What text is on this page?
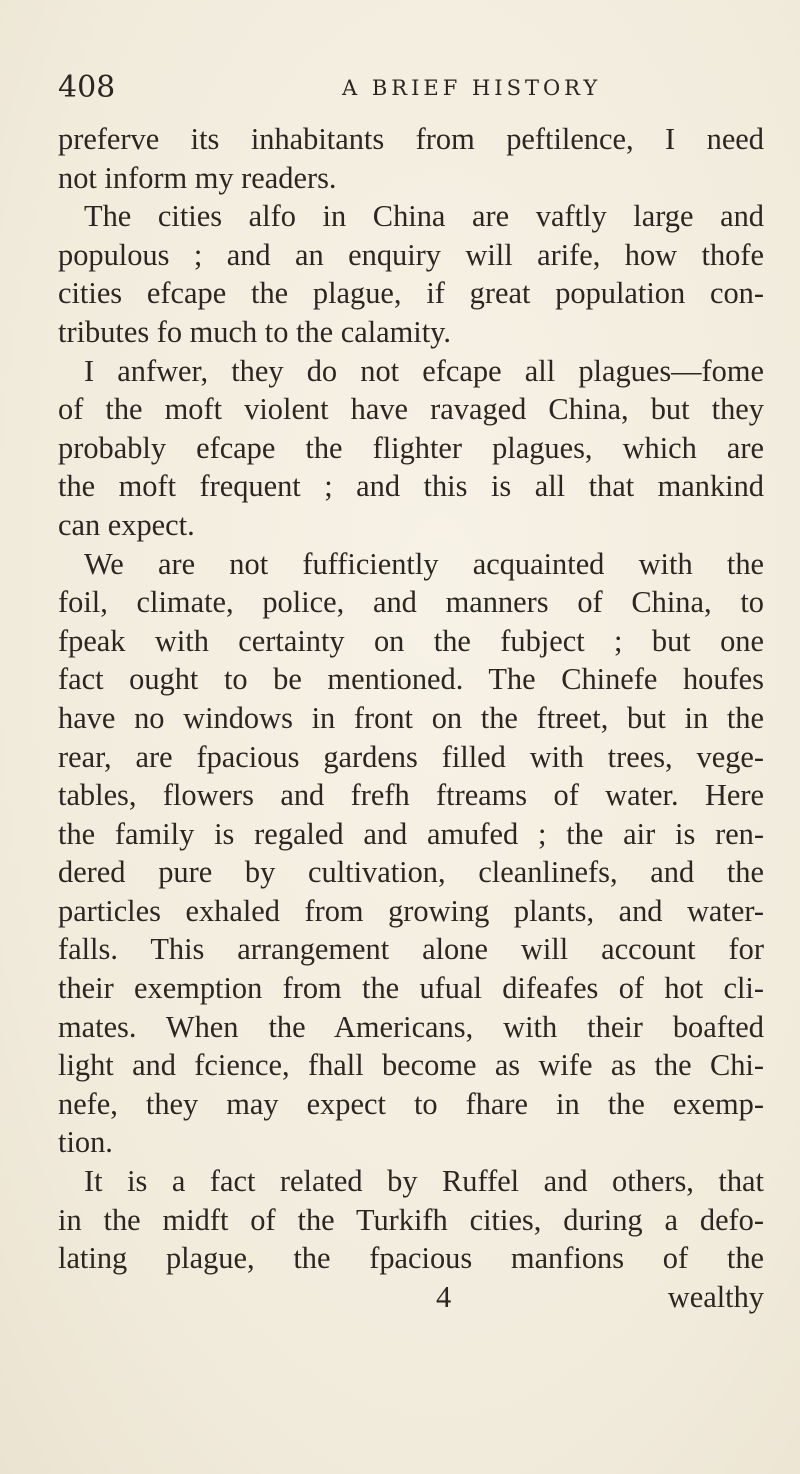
408	A BRIEF HISTORY
preferve its inhabitants from peftilence, I need
not inform my readers.
The cities alfo in China are vaftly large and
populous ; and an enquiry will arife, how thofe
cities efcape the plague, if great population con-
tributes fo much to the calamity.
I anfwer, they do not efcape all plagues—fome
of the moft violent have ravaged China, but they
probably efcape the flighter plagues, which are
the moft frequent ; and this is all that mankind
can expect.
We are not fufficiently acquainted with the
foil, climate, police, and manners of China, to
fpeak with certainty on the fubject ; but one
fact ought to be mentioned. The Chinefe houfes
have no windows in front on the ftreet, but in the
rear, are fpacious gardens filled with trees, vege-
tables, flowers and frefh ftreams of water. Here
the family is regaled and amufed ; the air is ren-
dered pure by cultivation, cleanlinefs, and the
particles exhaled from growing plants, and water-
falls. This arrangement alone will account for
their exemption from the ufual difeafes of hot cli-
mates. When the Americans, with their boafted
light and fcience, fhall become as wife as the Chi-
nefe, they may expect to fhare in the exemp-
tion.
It is a fact related by Ruffel and others, that
in the midft of the Turkifh cities, during a defo-
lating plague, the fpacious manfions of the
4	wealthy
